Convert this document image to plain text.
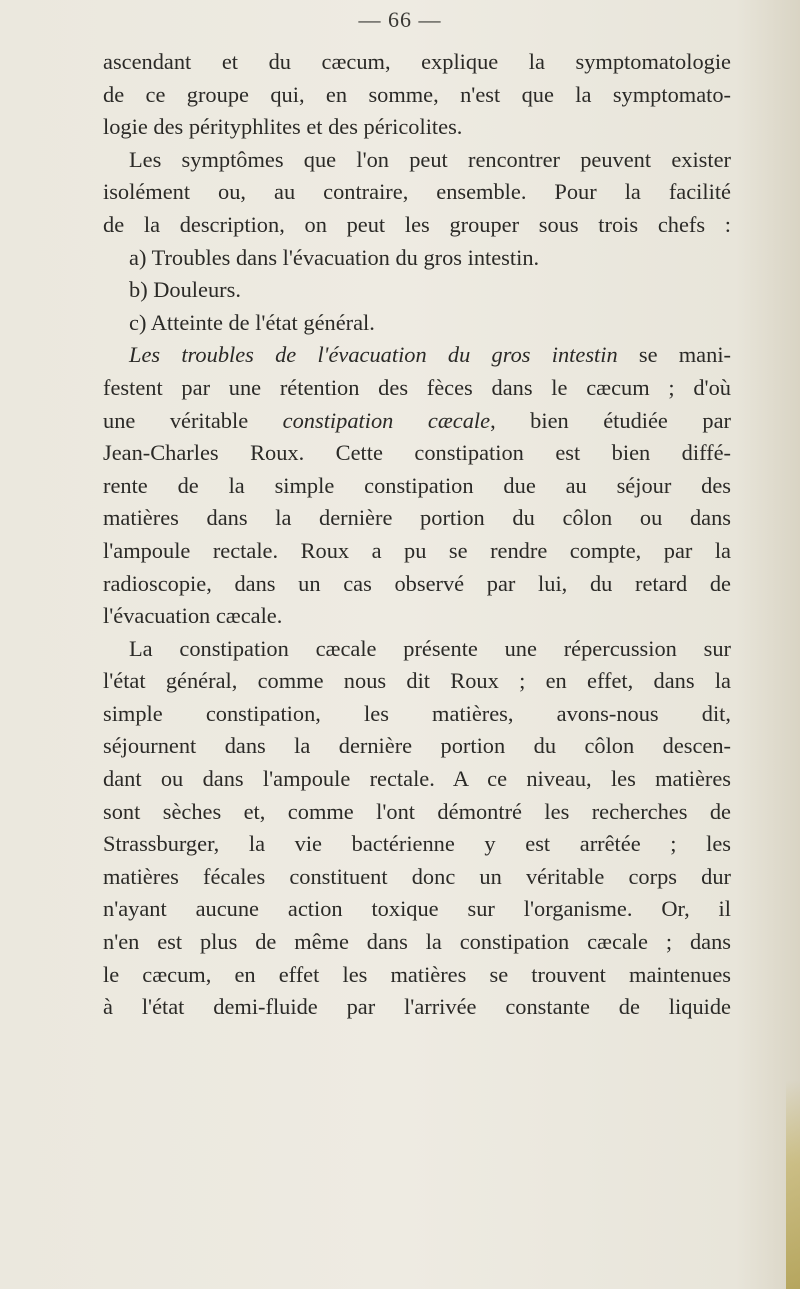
— 66 —
ascendant et du cæcum, explique la symptomatologie
de ce groupe qui, en somme, n'est que la symptomato-
logie des pérityphlites et des péricolites.
Les symptômes que l'on peut rencontrer peuvent exister
isolément ou, au contraire, ensemble. Pour la facilité
de la description, on peut les grouper sous trois chefs :
a) Troubles dans l'évacuation du gros intestin.
b) Douleurs.
c) Atteinte de l'état général.
Les troubles de l'évacuation du gros intestin se mani-
festent par une rétention des fèces dans le cæcum ; d'où
une véritable constipation cæcale, bien étudiée par
Jean-Charles Roux. Cette constipation est bien diffé-
rente de la simple constipation due au séjour des
matières dans la dernière portion du côlon ou dans
l'ampoule rectale. Roux a pu se rendre compte, par la
radioscopie, dans un cas observé par lui, du retard de
l'évacuation cæcale.
La constipation cæcale présente une répercussion sur
l'état général, comme nous dit Roux ; en effet, dans la
simple constipation, les matières, avons-nous dit,
séjournent dans la dernière portion du côlon descen-
dant ou dans l'ampoule rectale. A ce niveau, les matières
sont sèches et, comme l'ont démontré les recherches de
Strassburger, la vie bactérienne y est arrêtée ; les
matières fécales constituent donc un véritable corps dur
n'ayant aucune action toxique sur l'organisme. Or, il
n'en est plus de même dans la constipation cæcale ; dans
le cæcum, en effet les matières se trouvent maintenues
à l'état demi-fluide par l'arrivée constante de liquide
